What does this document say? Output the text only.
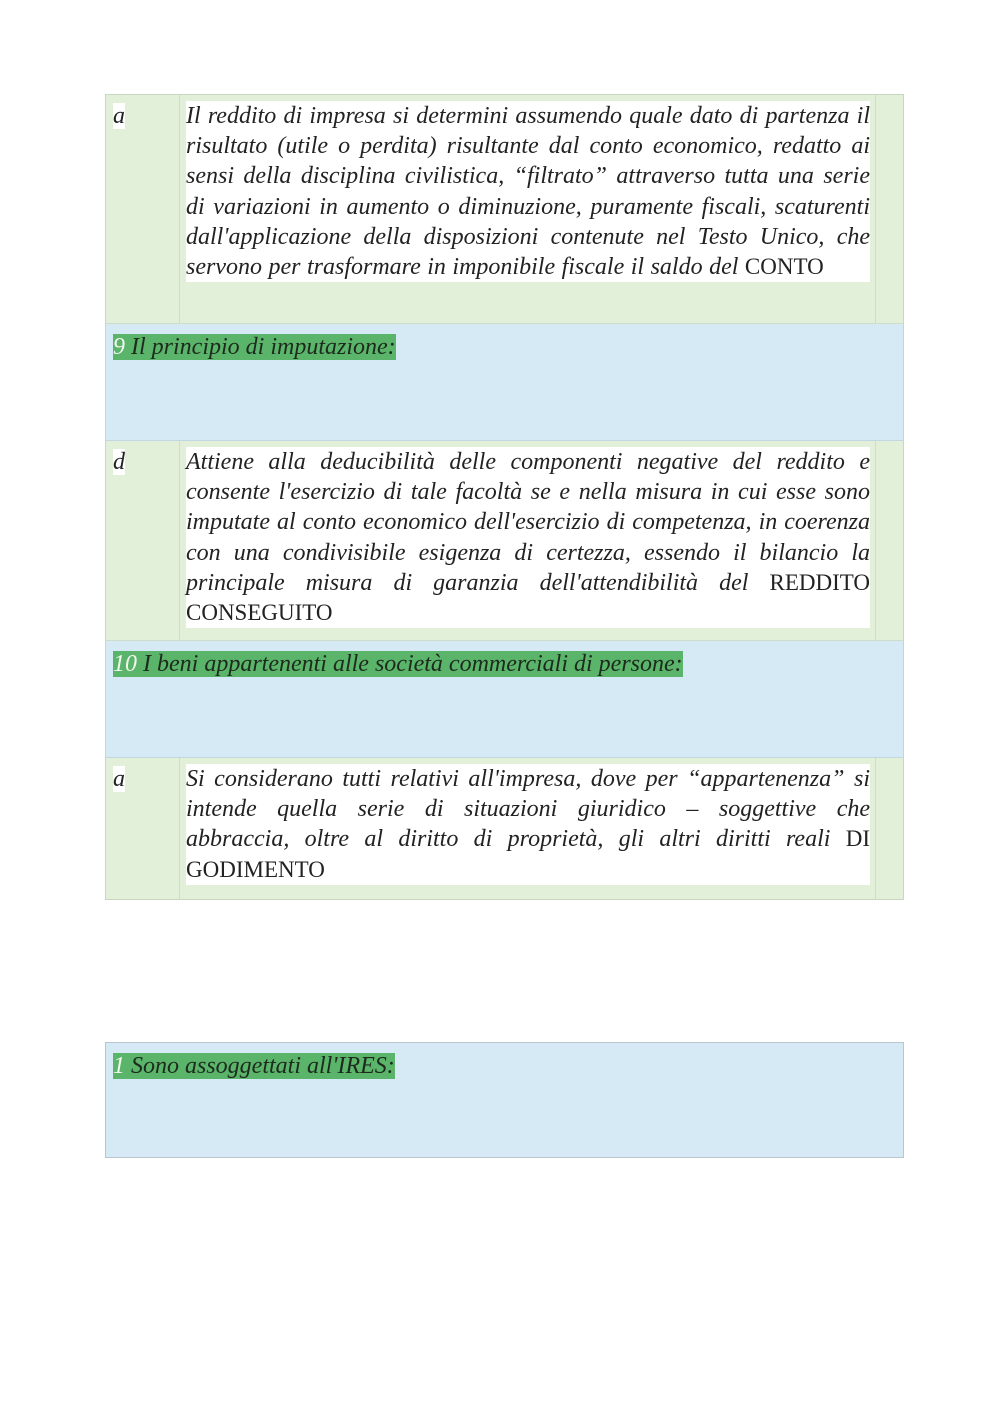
a	Il reddito di impresa si determini assumendo quale dato di partenza il risultato (utile o perdita) risultante dal conto economico, redatto ai sensi della disciplina civilistica, “filtrato” attraverso tutta una serie di variazioni in aumento o diminuzione, puramente fiscali, scaturenti dall'applicazione della disposizioni contenute nel Testo Unico, che servono per trasformare in imponibile fiscale il saldo del CONTO

9 Il principio di imputazione:
d	Attiene alla deducibilità delle componenti negative del reddito e consente l'esercizio di tale facoltà se e nella misura in cui esse sono imputate al conto economico dell'esercizio di competenza, in coerenza con una condivisibile esigenza di certezza, essendo il bilancio la principale misura di garanzia dell'attendibilità del REDDITO CONSEGUITO

10 I beni appartenenti alle società commerciali di persone:
a	Si considerano tutti relativi all'impresa, dove per “appartenenza” si intende quella serie di situazioni giuridico – soggettive che abbraccia, oltre al diritto di proprietà, gli altri diritti reali DI GODIMENTO

1 Sono assoggettati all'IRES:
